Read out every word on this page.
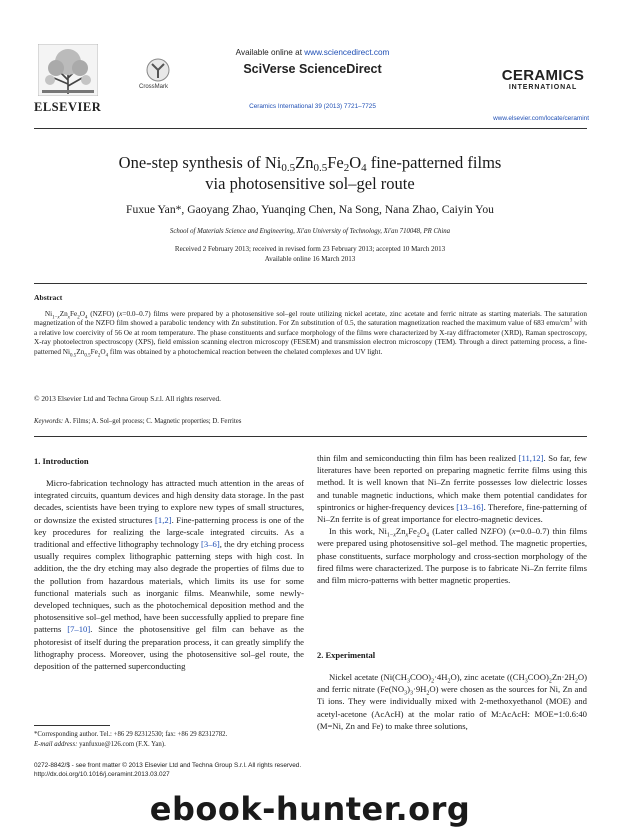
ELSEVIER
CrossMark
Available online at www.sciencedirect.com
SciVerse ScienceDirect
Ceramics International 39 (2013) 7721–7725
CERAMICS
INTERNATIONAL
www.elsevier.com/locate/ceramint
One-step synthesis of $Ni_{0.5}Zn_{0.5}Fe_2O_4$ fine-patterned films
via photosensitive sol–gel route
Fuxue Yan*, Gaoyang Zhao, Yuanqing Chen, Na Song, Nana Zhao, Caiyin You
School of Materials Science and Engineering, Xi'an University of Technology, Xi'an 710048, PR China
Received 2 February 2013; received in revised form 23 February 2013; accepted 10 March 2013
Available online 16 March 2013
Abstract
$Ni_{1-x}Zn_xFe_2O_4$ (NZFO) (x=0.0–0.7) films were prepared by a photosensitive sol–gel route utilizing nickel acetate, zinc acetate and ferric nitrate as starting materials. The saturation magnetization of the NZFO film showed a parabolic tendency with Zn substitution. For Zn substitution of 0.5, the saturation magnetization reached the maximum value of 683 emu/$cm^3$ with a relative low coercivity of 56 Oe at room temperature. The phase constituents and surface morphology of the films were characterized by X-ray diffractometer (XRD), Raman spectroscopy, X-ray photoelectron spectroscopy (XPS), field emission scanning electron microscopy (FESEM) and transmission electron microscopy (TEM). Through a direct patterning process, a fine-patterned $Ni_{0.5}Zn_{0.5}Fe_2O_4$ film was obtained by a photochemical reaction between the chelated complexes and UV light.
© 2013 Elsevier Ltd and Techna Group S.r.l. All rights reserved.
Keywords: A. Films; A. Sol–gel process; C. Magnetic properties; D. Ferrites
1. Introduction

Micro-fabrication technology has attracted much attention in the areas of integrated circuits, quantum devices and high density data storage. In the past decades, scientists have been trying to explore new types of small structures, or downsize the existed structures [1,2]. Fine-patterning process is one of the key procedures for realizing the large-scale integrated circuits. As a traditional and effective lithography technology [3–6], the dry etching process usually requires complex lithographic patterning steps with high cost. In addition, the the dry etching may also degrade the properties of films due to the pollution from hazardous materials, which limits its use for some functional materials such as inorganic films. Meanwhile, some newly-developed techniques, such as the photochemical deposition method and the photosensitive sol–gel method, have been successfully applied to prepare fine patterns [7–10]. Since the photosensitive gel film can behave as the photoresist of itself during the preparation process, it can greatly simplify the lithography process. Moreover, using the photosensitive sol–gel route, the deposition of the patterned superconducting

*Corresponding author. Tel.: +86 29 82312530; fax: +86 29 82312782.
E-mail address: yanfuxue@126.com (F.X. Yan).

thin film and semiconducting thin film has been realized [11,12]. So far, few literatures have been reported on preparing magnetic ferrite films using this method. It is well known that Ni–Zn ferrite possesses low dielectric losses and tunable magnetic inductions, which make them potential candidates for spintronics or higher-frequency devices [13–16]. Therefore, fine-patterning of Ni–Zn ferrite is of great importance for electro-magnetic devices.

In this work, $Ni_{1-x}Zn_xFe_2O_4$ (Later called NZFO) (x=0.0–0.7) thin films were prepared using photosensitive sol–gel method. The magnetic properties, phase constituents, surface morphology and cross-section morphology of the fired films were characterized. The purpose is to fabricate Ni–Zn ferrite films and film micro-patterns with better magnetic properties.

2. Experimental

Nickel acetate $(Ni(CH_3COO)_2\cdot 4H_2O)$, zinc acetate $((CH_3COO)_2Zn\cdot 2H_2O)$ and ferric nitrate $(Fe(NO_3)_3\cdot 9H_2O)$ were chosen as the sources for Ni, Zn and Ti ions. They were individually mixed with 2-methoxyethanol (MOE) and acetyl-acetone (AcAcH) at the molar ratio of M:AcAcH: MOE=1:0.6:40 (M=Ni, Zn and Fe) to make three solutions,

0272-8842/$ - see front matter © 2013 Elsevier Ltd and Techna Group S.r.l. All rights reserved.
http://dx.doi.org/10.1016/j.ceramint.2013.03.027
ebook-hunter.org
